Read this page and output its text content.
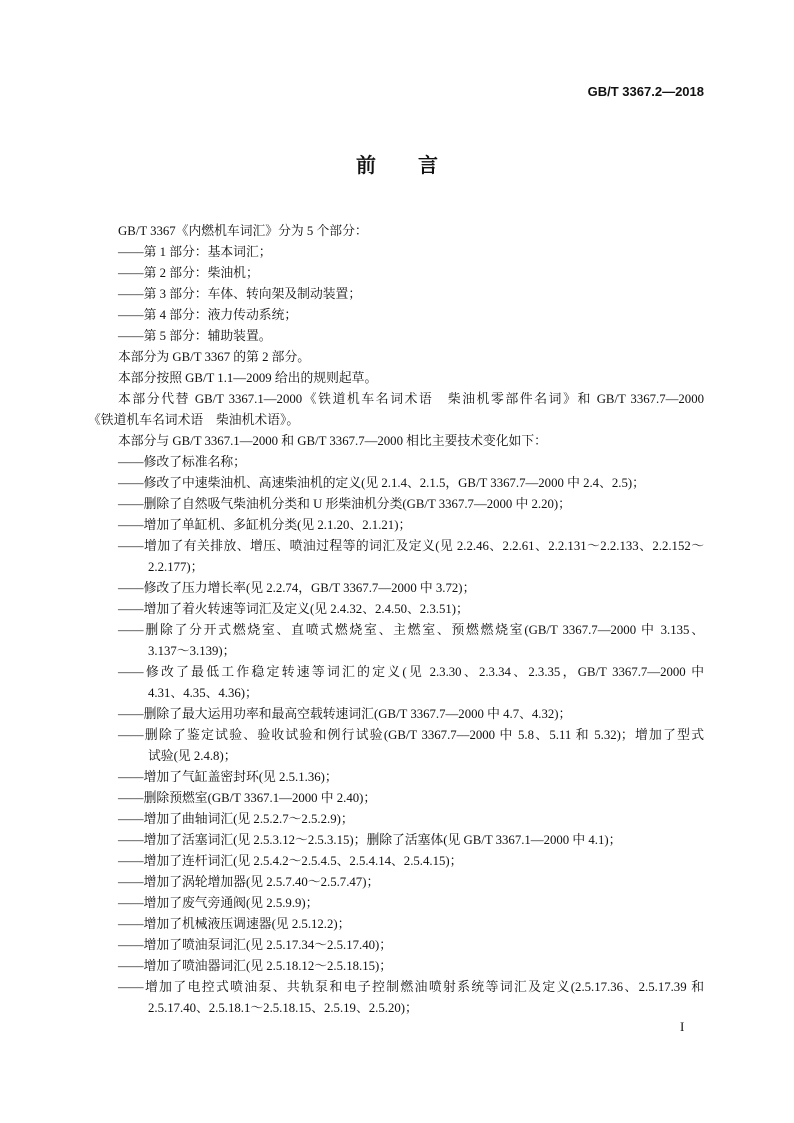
GB/T 3367.2—2018
前　言
GB/T 3367《内燃机车词汇》分为 5 个部分：
——第 1 部分：基本词汇；
——第 2 部分：柴油机；
——第 3 部分：车体、转向架及制动装置；
——第 4 部分：液力传动系统；
——第 5 部分：辅助装置。
本部分为 GB/T 3367 的第 2 部分。
本部分按照 GB/T 1.1—2009 给出的规则起草。
本部分代替 GB/T 3367.1—2000《铁道机车名词术语　柴油机零部件名词》和 GB/T 3367.7—2000
《铁道机车名词术语　柴油机术语》。
本部分与 GB/T 3367.1—2000 和 GB/T 3367.7—2000 相比主要技术变化如下：
——修改了标准名称；
——修改了中速柴油机、高速柴油机的定义(见 2.1.4、2.1.5，GB/T 3367.7—2000 中 2.4、2.5)；
——删除了自然吸气柴油机分类和 U 形柴油机分类(GB/T 3367.7—2000 中 2.20)；
——增加了单缸机、多缸机分类(见 2.1.20、2.1.21)；
——增加了有关排放、增压、喷油过程等的词汇及定义(见 2.2.46、2.2.61、2.2.131～2.2.133、2.2.152～
2.2.177)；
——修改了压力增长率(见 2.2.74，GB/T 3367.7—2000 中 3.72)；
——增加了着火转速等词汇及定义(见 2.4.32、2.4.50、2.3.51)；
——删除了分开式燃烧室、直喷式燃烧室、主燃室、预燃燃烧室(GB/T 3367.7—2000 中 3.135、
3.137～3.139)；
——修改了最低工作稳定转速等词汇的定义(见 2.3.30、2.3.34、2.3.35，GB/T 3367.7—2000 中
4.31、4.35、4.36)；
——删除了最大运用功率和最高空载转速词汇(GB/T 3367.7—2000 中 4.7、4.32)；
——删除了鉴定试验、验收试验和例行试验(GB/T 3367.7—2000 中 5.8、5.11 和 5.32)；增加了型式
试验(见 2.4.8)；
——增加了气缸盖密封环(见 2.5.1.36)；
——删除预燃室(GB/T 3367.1—2000 中 2.40)；
——增加了曲轴词汇(见 2.5.2.7～2.5.2.9)；
——增加了活塞词汇(见 2.5.3.12～2.5.3.15)；删除了活塞体(见 GB/T 3367.1—2000 中 4.1)；
——增加了连杆词汇(见 2.5.4.2～2.5.4.5、2.5.4.14、2.5.4.15)；
——增加了涡轮增加器(见 2.5.7.40～2.5.7.47)；
——增加了废气旁通阀(见 2.5.9.9)；
——增加了机械液压调速器(见 2.5.12.2)；
——增加了喷油泵词汇(见 2.5.17.34～2.5.17.40)；
——增加了喷油器词汇(见 2.5.18.12～2.5.18.15)；
——增加了电控式喷油泵、共轨泵和电子控制燃油喷射系统等词汇及定义(2.5.17.36、2.5.17.39 和
2.5.17.40、2.5.18.1～2.5.18.15、2.5.19、2.5.20)；
I
